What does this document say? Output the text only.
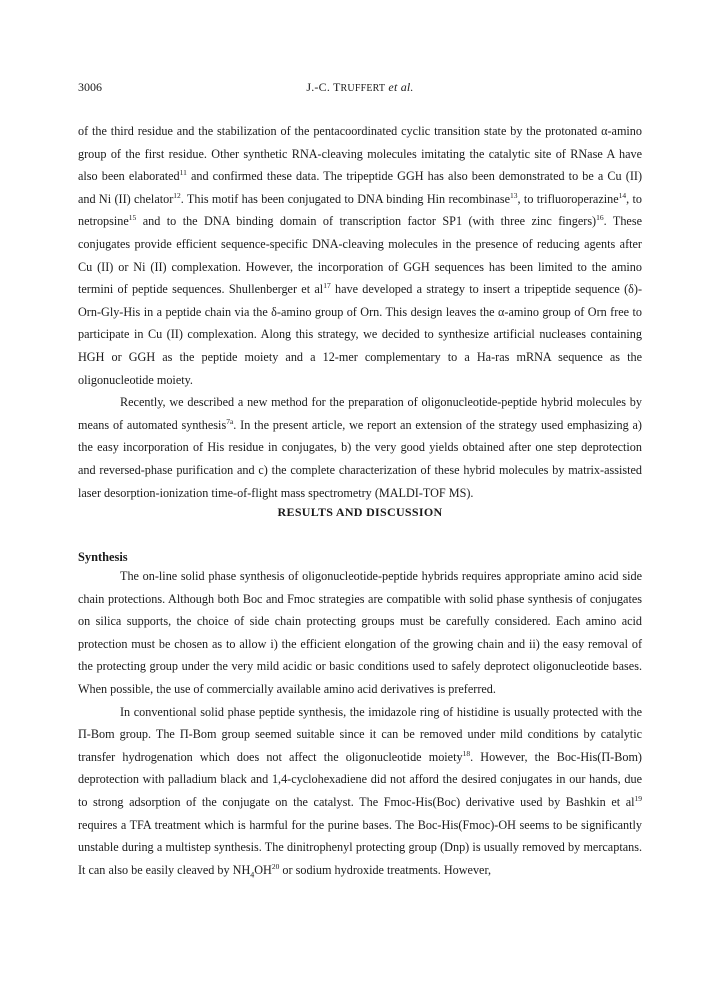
3006	J.-C. TRUFFERT et al.

of the third residue and the stabilization of the pentacoordinated cyclic transition state by the protonated α-amino group of the first residue. Other synthetic RNA-cleaving molecules imitating the catalytic site of RNase A have also been elaborated$^{11}$ and confirmed these data. The tripeptide GGH has also been demonstrated to be a Cu (II) and Ni (II) chelator$^{12}$. This motif has been conjugated to DNA binding Hin recombinase$^{13}$, to trifluoroperazine$^{14}$, to netropsine$^{15}$ and to the DNA binding domain of transcription factor SP1 (with three zinc fingers)$^{16}$. These conjugates provide efficient sequence-specific DNA-cleaving molecules in the presence of reducing agents after Cu (II) or Ni (II) complexation. However, the incorporation of GGH sequences has been limited to the amino termini of peptide sequences. Shullenberger et $al^{17}$ have developed a strategy to insert a tripeptide sequence (δ)-Orn-Gly-His in a peptide chain via the δ-amino group of Orn. This design leaves the α-amino group of Orn free to participate in Cu (II) complexation. Along this strategy, we decided to synthesize artificial nucleases containing HGH or GGH as the peptide moiety and a 12-mer complementary to a Ha-ras mRNA sequence as the oligonucleotide moiety.

Recently, we described a new method for the preparation of oligonucleotide-peptide hybrid molecules by means of automated synthesis$^{7a}$. In the present article, we report an extension of the strategy used emphasizing a) the easy incorporation of His residue in conjugates, b) the very good yields obtained after one step deprotection and reversed-phase purification and c) the complete characterization of these hybrid molecules by matrix-assisted laser desorption-ionization time-of-flight mass spectrometry (MALDI-TOF MS).

RESULTS AND DISCUSSION
Synthesis

The on-line solid phase synthesis of oligonucleotide-peptide hybrids requires appropriate amino acid side chain protections. Although both Boc and Fmoc strategies are compatible with solid phase synthesis of conjugates on silica supports, the choice of side chain protecting groups must be carefully considered. Each amino acid protection must be chosen as to allow i) the efficient elongation of the growing chain and ii) the easy removal of the protecting group under the very mild acidic or basic conditions used to safely deprotect oligonucleotide bases. When possible, the use of commercially available amino acid derivatives is preferred.

In conventional solid phase peptide synthesis, the imidazole ring of histidine is usually protected with the Π-Bom group. The Π-Bom group seemed suitable since it can be removed under mild conditions by catalytic transfer hydrogenation which does not affect the oligonucleotide moiety$^{18}$. However, the Boc-His(Π-Bom) deprotection with palladium black and 1,4-cyclohexadiene did not afford the desired conjugates in our hands, due to strong adsorption of the conjugate on the catalyst. The Fmoc-His(Boc) derivative used by Bashkin et $al^{19}$ requires a TFA treatment which is harmful for the purine bases. The Boc-His(Fmoc)-OH seems to be significantly unstable during a multistep synthesis. The dinitrophenyl protecting group (Dnp) is usually removed by mercaptans. It can also be easily cleaved by $NH_4OH^{20}$ or sodium hydroxide treatments. However,
